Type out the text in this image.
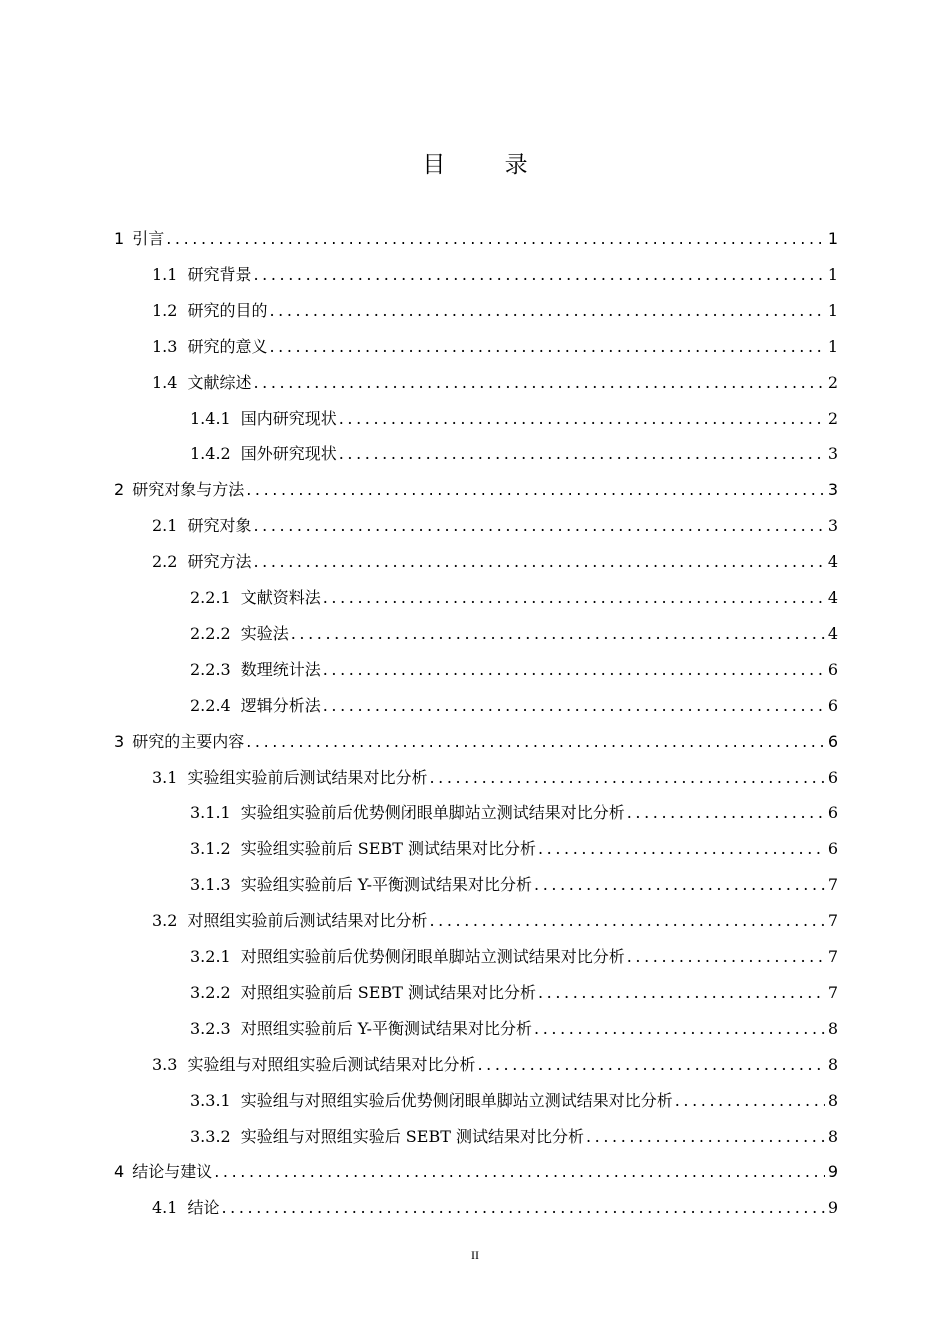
目 录
1 引言 .....	1
1.1 研究背景 .....	1
1.2 研究的目的 .....	1
1.3 研究的意义 .....	1
1.4 文献综述 .....	2
1.4.1 国内研究现状 .....	2
1.4.2 国外研究现状 .....	3
2 研究对象与方法 .....	3
2.1 研究对象 .....	3
2.2 研究方法 .....	4
2.2.1 文献资料法 .....	4
2.2.2 实验法 .....	4
2.2.3 数理统计法 .....	6
2.2.4 逻辑分析法 .....	6
3 研究的主要内容 .....	6
3.1 实验组实验前后测试结果对比分析 .....	6
3.1.1 实验组实验前后优势侧闭眼单脚站立测试结果对比分析 .....	6
3.1.2 实验组实验前后 SEBT 测试结果对比分析 .....	6
3.1.3 实验组实验前后 Y-平衡测试结果对比分析 .....	7
3.2 对照组实验前后测试结果对比分析 .....	7
3.2.1 对照组实验前后优势侧闭眼单脚站立测试结果对比分析 .....	7
3.2.2 对照组实验前后 SEBT 测试结果对比分析 .....	7
3.2.3 对照组实验前后 Y-平衡测试结果对比分析 .....	8
3.3 实验组与对照组实验后测试结果对比分析 .....	8
3.3.1 实验组与对照组实验后优势侧闭眼单脚站立测试结果对比分析 .....	8
3.3.2 实验组与对照组实验后 SEBT 测试结果对比分析 .....	8
4 结论与建议 .....	9
4.1 结论 .....	9
II
